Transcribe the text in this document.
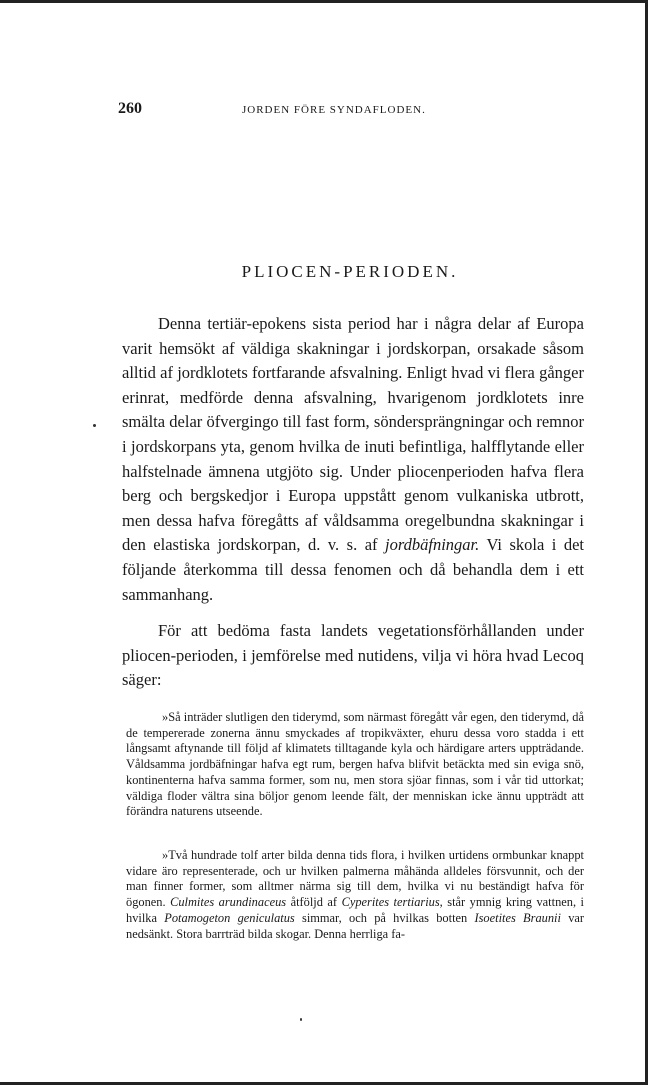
260	JORDEN FÖRE SYNDAFLODEN.
PLIOCEN-PERIODEN.

Denna tertiär-epokens sista period har i några delar af Europa varit hemsökt af väldiga skakningar i jordskorpan, orsakade såsom alltid af jordklotets fortfarande afsvalning. Enligt hvad vi flera gånger erinrat, medförde denna afsvalning, hvarigenom jordklotets inre smälta delar öfvergingo till fast form, söndersprängningar och remnor i jordskorpans yta, genom hvilka de inuti befintliga, halfflytande eller halfstelnade ämnena utgjöto sig. Under pliocenperioden hafva flera berg och bergskedjor i Europa uppstått genom vulkaniska utbrott, men dessa hafva föregåtts af våldsamma oregelbundna skakningar i den elastiska jordskorpan, d. v. s. af jordbäfningar. Vi skola i det följande återkomma till dessa fenomen och då behandla dem i ett sammanhang.

För att bedöma fasta landets vegetationsförhållanden under pliocen-perioden, i jemförelse med nutidens, vilja vi höra hvad Lecoq säger:

»Så inträder slutligen den tiderymd, som närmast föregått vår egen, den tiderymd, då de tempererade zonerna ännu smyckades af tropikväxter, ehuru dessa voro stadda i ett långsamt aftynande till följd af klimatets tilltagande kyla och härdigare arters uppträdande. Våldsamma jordbäfningar hafva egt rum, bergen hafva blifvit betäckta med sin eviga snö, kontinenterna hafva samma former, som nu, men stora sjöar finnas, som i vår tid uttorkat; väldiga floder vältra sina böljor genom leende fält, der menniskan icke ännu uppträdt att förändra naturens utseende.

»Två hundrade tolf arter bilda denna tids flora, i hvilken urtidens ormbunkar knappt vidare äro representerade, och ur hvilken palmerna måhända alldeles försvunnit, och der man finner former, som alltmer närma sig till dem, hvilka vi nu beständigt hafva för ögonen. Culmites arundinaceus åtföljd af Cyperites tertiarius, står ymnig kring vattnen, i hvilka Potamogeton geniculatus simmar, och på hvilkas botten Isoetites Braunii var nedsänkt. Stora barrträd bilda skogar. Denna herrliga fa-
